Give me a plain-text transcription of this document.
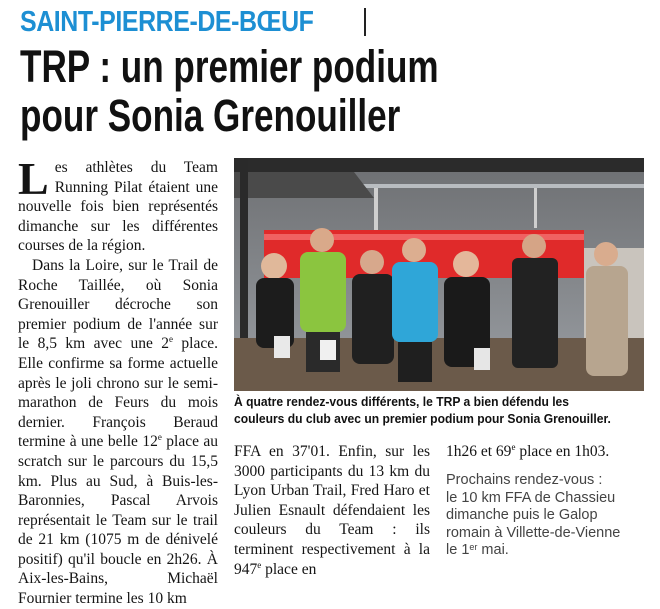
SAINT-PIERRE-DE-BŒUF
TRP : un premier podium
pour Sonia Grenouiller

Les athlètes du Team Running Pilat étaient une nouvelle fois bien représentés dimanche sur les différentes courses de la région.

Dans la Loire, sur le Trail de Roche Taillée, où Sonia Grenouiller décroche son premier podium de l'année sur le 8,5 km avec une 2e place. Elle confirme sa forme actuelle après le joli chrono sur le semi-marathon de Feurs du mois dernier. François Beraud termine à une belle 12e place au scratch sur le parcours du 15,5 km. Plus au Sud, à Buis-les-Baronnies, Pascal Arvois représentait le Team sur le trail de 21 km (1075 m de dénivelé positif) qu'il boucle en 2h26. À Aix-les-Bains, Michaël Fournier termine les 10 km

À quatre rendez-vous différents, le TRP a bien défendu les couleurs du club avec un premier podium pour Sonia Grenouiller.

FFA en 37'01. Enfin, sur les 3000 participants du 13 km du Lyon Urban Trail, Fred Haro et Julien Esnault défendaient les couleurs du Team : ils terminent respectivement à la 947e place en

1h26 et 69e place en 1h03.

Prochains rendez-vous :

le 10 km FFA de Chassieu dimanche puis le Galop romain à Villette-de-Vienne le 1er mai.
